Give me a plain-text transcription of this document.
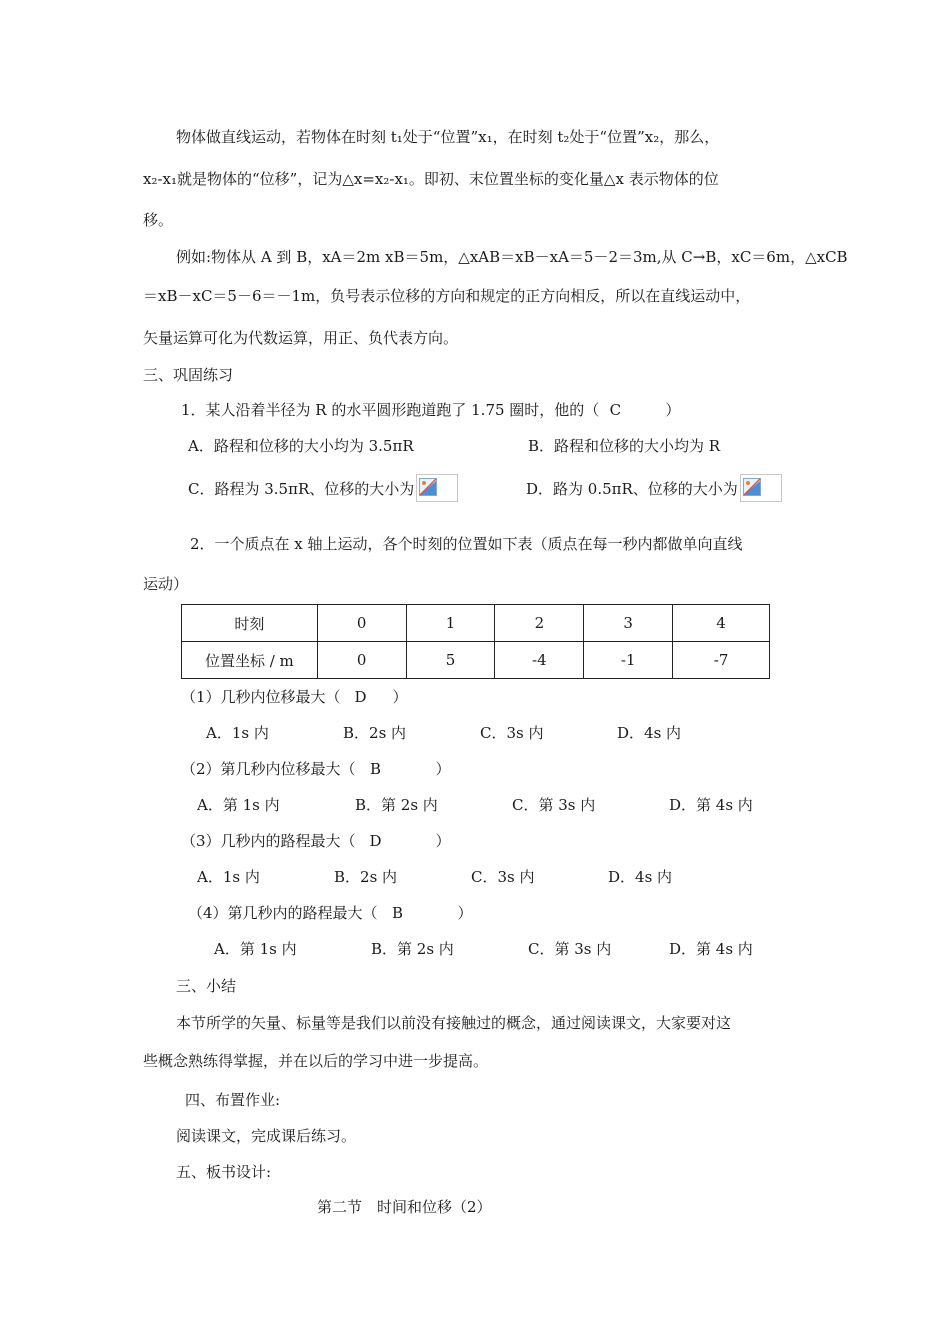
物体做直线运动，若物体在时刻 t₁处于“位置”x₁，在时刻 t₂处于“位置”x₂，那么，
x₂-x₁就是物体的“位移”，记为△x=x₂-x₁。即初、末位置坐标的变化量△x 表示物体的位
移。
例如:物体从 A 到 B，xA＝2m xB＝5m，△xAB＝xB－xA＝5－2＝3m,从 C→B，xC＝6m，△xCB
＝xB－xC＝5－6＝－1m，负号表示位移的方向和规定的正方向相反，所以在直线运动中，
矢量运算可化为代数运算，用正、负代表方向。
三、巩固练习
1．某人沿着半径为 R 的水平圆形跑道跑了 1.75 圈时，他的（ C	）
A．路程和位移的大小均为 3.5πR	B．路程和位移的大小均为 R
C．路程为 3.5πR、位移的大小为	D．路为 0.5πR、位移的大小为
2．一个质点在 x 轴上运动，各个时刻的位置如下表（质点在每一秒内都做单向直线
运动）
时刻	0	1	2	3	4
位置坐标 / m	0	5	-4	-1	-7
（1）几秒内位移最大（ D ）
A．1s 内	B．2s 内	C．3s 内	D．4s 内
（2）第几秒内位移最大（ B	）
A．第 1s 内	B．第 2s 内	C．第 3s 内	D．第 4s 内
（3）几秒内的路程最大（ D	）
A．1s 内	B．2s 内	C．3s 内	D．4s 内
（4）第几秒内的路程最大（ B	）
A．第 1s 内	B．第 2s 内	C．第 3s 内	D．第 4s 内
三、小结
本节所学的矢量、标量等是我们以前没有接触过的概念，通过阅读课文，大家要对这
些概念熟练得掌握，并在以后的学习中进一步提高。
四、布置作业:
阅读课文，完成课后练习。
五、板书设计:
第二节　时间和位移（2）
